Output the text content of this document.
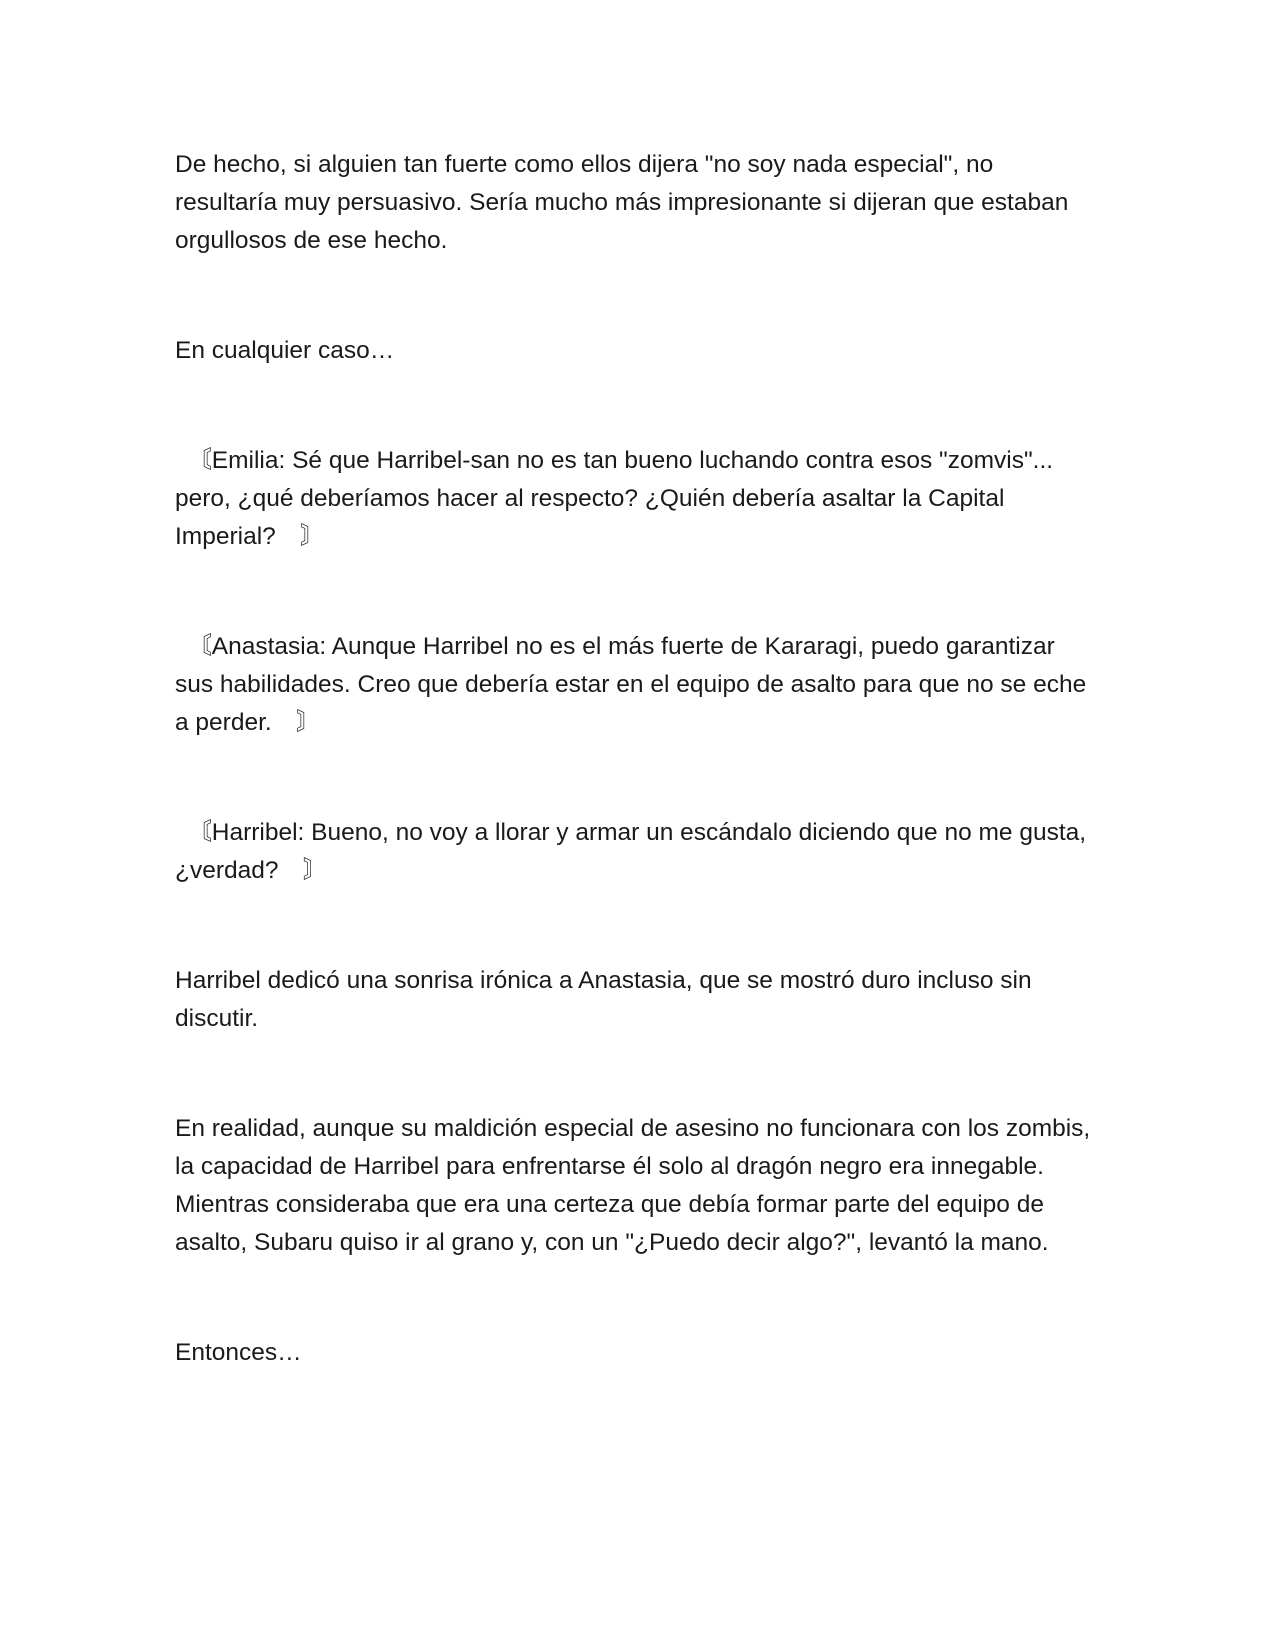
De hecho, si alguien tan fuerte como ellos dijera "no soy nada especial", no resultaría muy persuasivo. Sería mucho más impresionante si dijeran que estaban orgullosos de ese hecho.

En cualquier caso…

　〘Emilia: Sé que Harribel-san no es tan bueno luchando contra esos "zomvis"... pero, ¿qué deberíamos hacer al respecto? ¿Quién debería asaltar la Capital Imperial?　〙

　〘Anastasia: Aunque Harribel no es el más fuerte de Kararagi, puedo garantizar sus habilidades. Creo que debería estar en el equipo de asalto para que no se eche a perder.　〙

　〘Harribel: Bueno, no voy a llorar y armar un escándalo diciendo que no me gusta, ¿verdad?　〙

Harribel dedicó una sonrisa irónica a Anastasia, que se mostró duro incluso sin discutir.

En realidad, aunque su maldición especial de asesino no funcionara con los zombis, la capacidad de Harribel para enfrentarse él solo al dragón negro era innegable. Mientras consideraba que era una certeza que debía formar parte del equipo de asalto, Subaru quiso ir al grano y, con un "¿Puedo decir algo?", levantó la mano.

Entonces…
